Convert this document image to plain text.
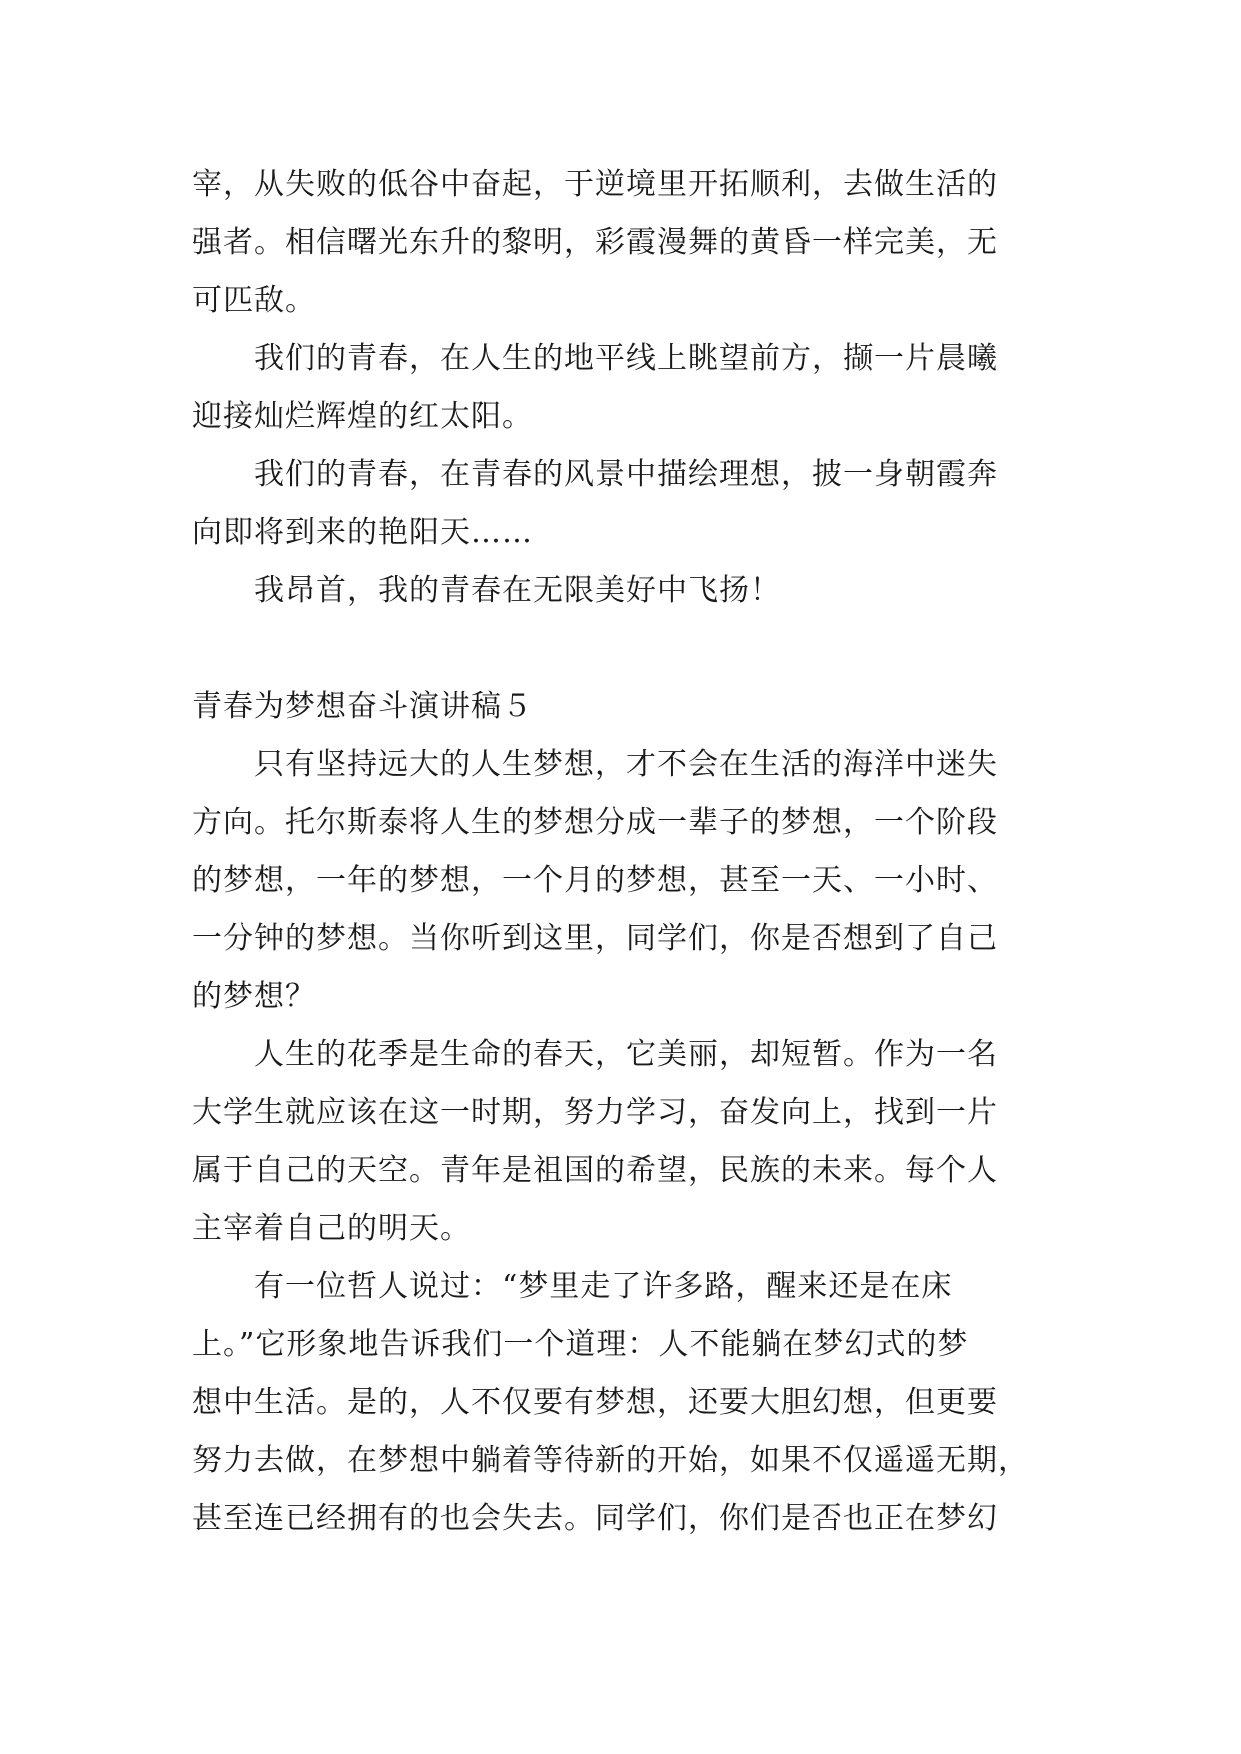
宰，从失败的低谷中奋起，于逆境里开拓顺利，去做生活的
强者。相信曙光东升的黎明，彩霞漫舞的黄昏一样完美，无
可匹敌。
我们的青春，在人生的地平线上眺望前方，撷一片晨曦
迎接灿烂辉煌的红太阳。
我们的青春，在青春的风景中描绘理想，披一身朝霞奔
向即将到来的艳阳天……
我昂首，我的青春在无限美好中飞扬！
青春为梦想奋斗演讲稿５
只有坚持远大的人生梦想，才不会在生活的海洋中迷失
方向。托尔斯泰将人生的梦想分成一辈子的梦想，一个阶段
的梦想，一年的梦想，一个月的梦想，甚至一天、一小时、
一分钟的梦想。当你听到这里，同学们，你是否想到了自己
的梦想？
人生的花季是生命的春天，它美丽，却短暂。作为一名
大学生就应该在这一时期，努力学习，奋发向上，找到一片
属于自己的天空。青年是祖国的希望，民族的未来。每个人
主宰着自己的明天。
有一位哲人说过：“梦里走了许多路，醒来还是在床
上。”它形象地告诉我们一个道理：人不能躺在梦幻式的梦
想中生活。是的，人不仅要有梦想，还要大胆幻想，但更要
努力去做，在梦想中躺着等待新的开始，如果不仅遥遥无期，
甚至连已经拥有的也会失去。同学们，你们是否也正在梦幻
